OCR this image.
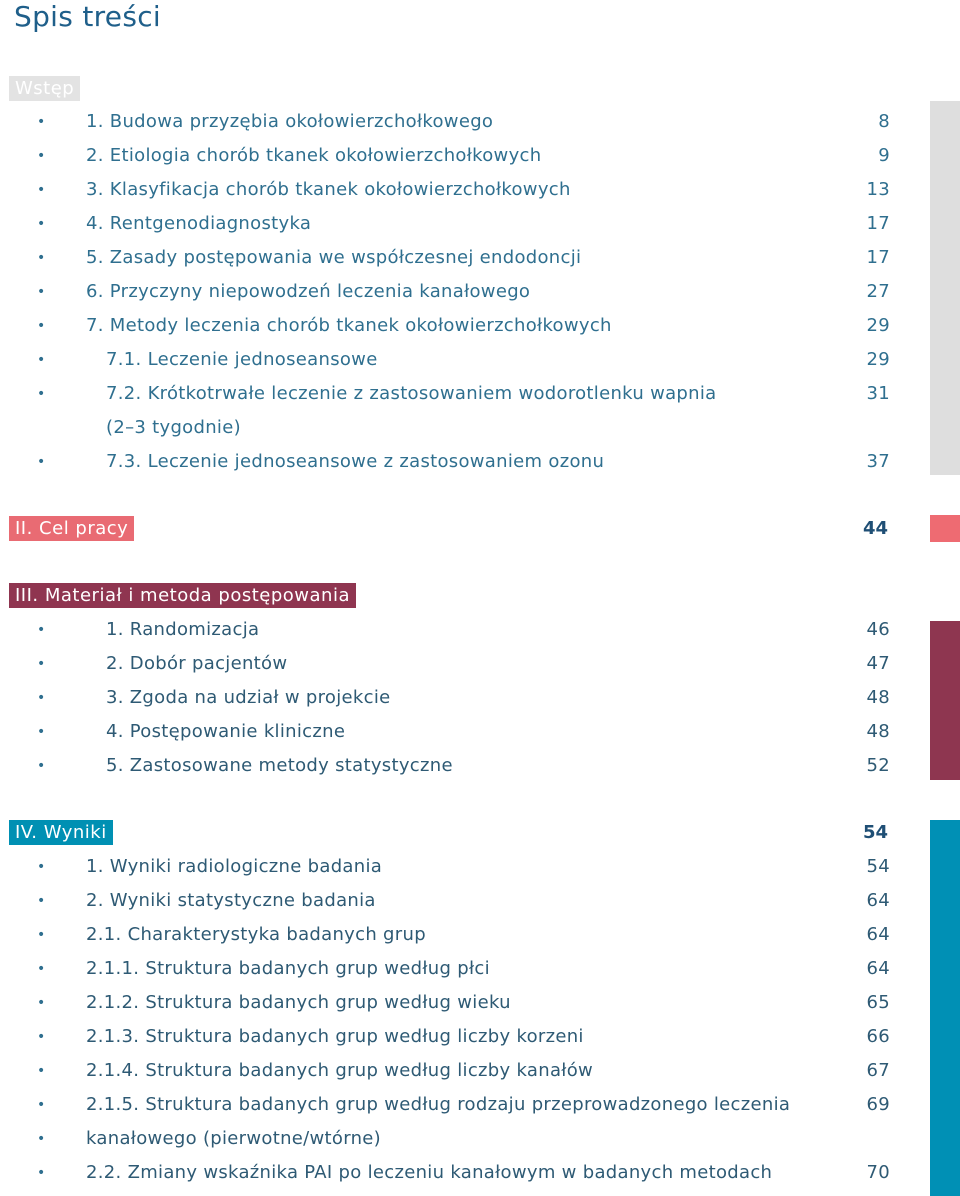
Spis treści
Wstęp
• 1. Budowa przyzębia okołowierzchołkowego	8
• 2. Etiologia chorób tkanek okołowierzchołkowych	9
• 3. Klasyfikacja chorób tkanek okołowierzchołkowych	13
• 4. Rentgenodiagnostyka	17
• 5. Zasady postępowania we współczesnej endodoncji	17
• 6. Przyczyny niepowodzeń leczenia kanałowego	27
• 7. Metody leczenia chorób tkanek okołowierzchołkowych	29
•	7.1. Leczenie jednoseansowe	29
•	7.2. Krótkotrwałe leczenie z zastosowaniem wodorotlenku wapnia	31
(2–3 tygodnie)
•	7.3. Leczenie jednoseansowe z zastosowaniem ozonu	37
II. Cel pracy	44
III. Materiał i metoda postępowania
•	1. Randomizacja	46
•	2. Dobór pacjentów	47
•	3. Zgoda na udział w projekcie	48
•	4. Postępowanie kliniczne	48
•	5. Zastosowane metody statystyczne	52
IV. Wyniki	54
• 1. Wyniki radiologiczne badania	54
• 2. Wyniki statystyczne badania	64
• 2.1. Charakterystyka badanych grup	64
• 2.1.1. Struktura badanych grup według płci	64
• 2.1.2. Struktura badanych grup według wieku	65
• 2.1.3. Struktura badanych grup według liczby korzeni	66
• 2.1.4. Struktura badanych grup według liczby kanałów	67
• 2.1.5. Struktura badanych grup według rodzaju przeprowadzonego leczenia	69
• kanałowego (pierwotne/wtórne)
• 2.2. Zmiany wskaźnika PAI po leczeniu kanałowym w badanych metodach	70
